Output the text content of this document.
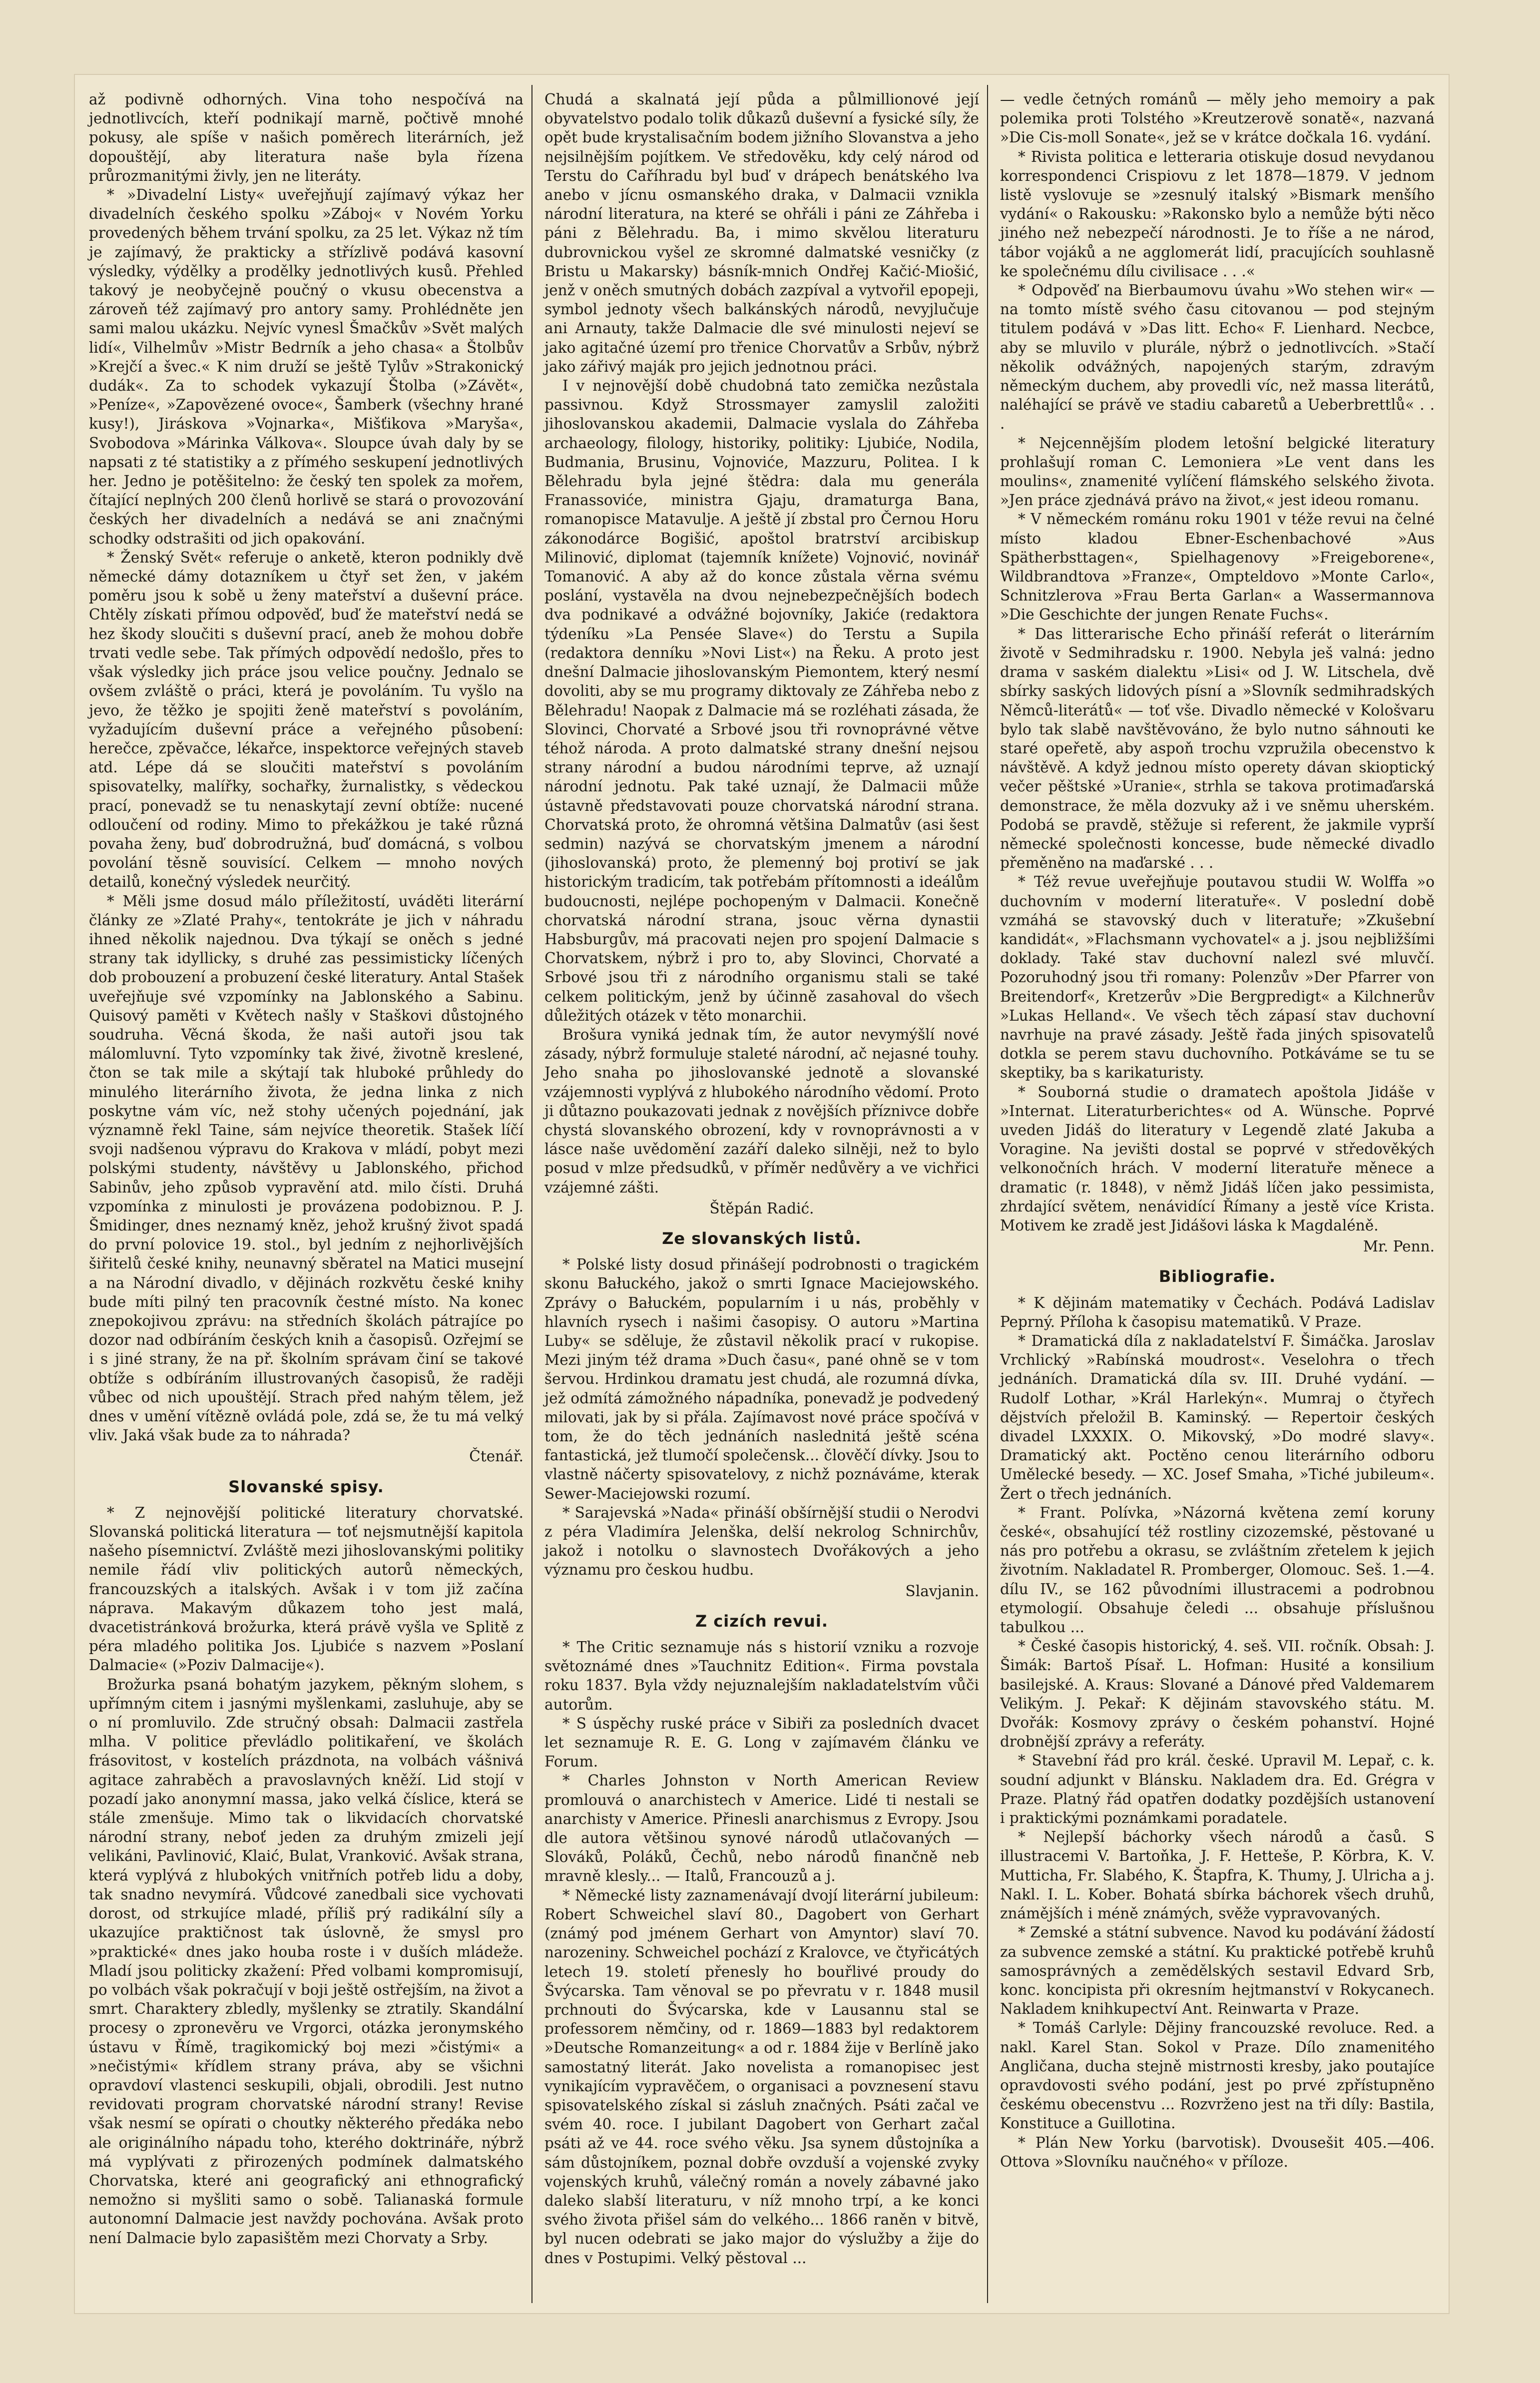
až podivně odhorných. Vina toho nespočívá na jednotlivcích, kteří podnikají marně, počtivě mnohé pokusy, ale spíše v našich poměrech literárních, jež dopouštějí, aby literatura naše byla řízena průrozmanitými živly, jen ne literáty.

* »Divadelní Listy« uveřejňují zajímavý výkaz her divadelních českého spolku »Záboj« v Novém Yorku provedených během trvání spolku, za 25 let. Výkaz nž tím je zajímavý, že prakticky a střízlivě podává kasovní výsledky, výdělky a prodělky jednotlivých kusů. Přehled takový je neobyčejně poučný o vkusu obecenstva a zároveň též zajímavý pro antory samy. Prohlédněte jen sami malou ukázku. Nejvíc vynesl Šmačkův »Svět malých lidí«, Vilhelmův »Mistr Bedrník a jeho chasa« a Štolbův »Krejčí a švec.« K nim druží se ještě Tylův »Strakonický dudák«. Za to schodek vykazují Štolba (»Závět«, »Peníze«, »Zapovězené ovoce«, Šamberk (všechny hrané kusy!), Jiráskova »Vojnarka«, Mišťikova »Maryša«, Svobodova »Márinka Válkova«. Sloupce úvah daly by se napsati z té statistiky a z přímého seskupení jednotlivých her. Jedno je potěšitelno: že český ten spolek za mořem, čítající neplných 200 členů horlivě se stará o provozování českých her divadelních a nedává se ani značnými schodky odstrašiti od jich opakování.

* Ženský Svět« referuje o anketě, kteron podnikly dvě německé dámy dotazníkem u čtyř set žen, v jakém poměru jsou k sobě u ženy mateřství a duševní práce. Chtěly získati přímou odpověď, buď že mateřství nedá se hez škody sloučiti s duševní prací, aneb že mohou dobře trvati vedle sebe. Tak přímých odpovědí nedošlo, přes to však výsledky jich práce jsou velice poučny. Jednalo se ovšem zvláště o práci, která je povoláním. Tu vyšlo na jevo, že těžko je spojiti ženě mateřství s povoláním, vyžadujícím duševní práce a veřejného působení: herečce, zpěvačce, lékařce, inspektorce veřejných staveb atd. Lépe dá se sloučiti mateřství s povoláním spisovatelky, malířky, sochařky, žurnalistky, s vědeckou prací, ponevadž se tu nenaskytají zevní obtíže: nucené odloučení od rodiny. Mimo to překážkou je také různá povaha ženy, buď dobrodružná, buď domácná, s volbou povolání těsně souvisící. Celkem — mnoho nových detailů, konečný výsledek neurčitý.

* Měli jsme dosud málo příležitostí, uváděti literární články ze »Zlaté Prahy«, tentokráte je jich v náhradu ihned několik najednou. Dva týkají se oněch s jedné strany tak idyllicky, s druhé zas pessimisticky líčených dob probouzení a probuzení české literatury. Antal Stašek uveřejňuje své vzpomínky na Jablonského a Sabinu. Quisový paměti v Květech našly v Staškovi důstojného soudruha. Věcná škoda, že naši autoři jsou tak málomluvní. Tyto vzpomínky tak živé, životně kreslené, čton se tak mile a skýtají tak hluboké průhledy do minulého literárního života, že jedna linka z nich poskytne vám víc, než stohy učených pojednání, jak významně řekl Taine, sám nejvíce theoretik. Stašek líčí svoji nadšenou výpravu do Krakova v mládí, pobyt mezi polskými studenty, návštěvy u Jablonského, přichod Sabinův, jeho způsob vypravění atd. milo čísti. Druhá vzpomínka z minulosti je provázena podobiznou. P. J. Šmidinger, dnes neznamý kněz, jehož krušný život spadá do první polovice 19. stol., byl jedním z nejhorlivějších šiřitelů české knihy, neunavný sběratel na Matici musejní a na Národní divadlo, v dějinách rozkvětu české knihy bude míti pilný ten pracovník čestné místo. Na konec znepokojivou zprávu: na středních školách pátrajíce po dozor nad odbíráním českých knih a časopisů. Ozřejmí se i s jiné strany, že na př. školním správam činí se takové obtíže s odbíráním illustrovaných časopisů, že raději vůbec od nich upouštějí. Strach před nahým tělem, jež dnes v umění vítězně ovládá pole, zdá se, že tu má velký vliv. Jaká však bude za to náhrada?

Čtenář.
Slovanské spisy.

* Z nejnovější politické literatury chorvatské. Slovanská politická literatura — toť nejsmutnější kapitola našeho písemnictví. Zvláště mezi jihoslovanskými politiky nemile řádí vliv politických autorů německých, francouzských a italských. Avšak i v tom již začína náprava. Makavým důkazem toho jest malá, dvacetistránková brožurka, která právě vyšla ve Splitě z péra mladého politika Jos. Ljubiće s nazvem »Poslaní Dalmacie« (»Poziv Dalmacije«).

Brožurka psaná bohatým jazykem, pěkným slohem, s upřímným citem i jasnými myšlenkami, zasluhuje, aby se o ní promluvilo. Zde stručný obsah: Dalmacii zastřela mlha. V politice převládlo politikaření, ve školách frásovitost, v kostelích prázdnota, na volbách vášnivá agitace zahraběch a pravoslavných kněží. Lid stojí v pozadí jako anonymní massa, jako velká číslice, která se stále zmenšuje. Mimo tak o likvidacích chorvatské národní strany, neboť jeden za druhým zmizeli její velikáni, Pavlinović, Klaić, Bulat, Vranković. Avšak strana, která vyplývá z hlubokých vnitřních potřeb lidu a doby, tak snadno nevymírá. Vůdcové zanedbali sice vychovati dorost, od strkujíce mladé, příliš prý radikální síly a ukazujíce praktičnost tak úslovně, že smysl pro »praktické« dnes jako houba roste i v duších mládeže. Mladí jsou politicky zkažení: Před volbami kompromisují, po volbách však pokračují v boji ještě ostřejším, na život a smrt. Charaktery zbledly, myšlenky se ztratily. Skandální procesy o zpronevěru ve Vrgorci, otázka jeronymského ústavu v Římě, tragikomický boj mezi »čistými« a »nečistými« křídlem strany práva, aby se všichni opravdoví vlastenci seskupili, objali, obrodili. Jest nutno revidovati program chorvatské národní strany! Revise však nesmí se opírati o choutky některého předáka nebo ale originálního nápadu toho, kterého doktrináře, nýbrž má vyplývati z přirozených podmínek dalmatského Chorvatska, které ani geografický ani ethnografický nemožno si myšliti samo o sobě. Talianaská formule autonomní Dalmacie jest navždy pochována. Avšak proto není Dalmacie bylo zapasištěm mezi Chorvaty a Srby.

Chudá a skalnatá její půda a půlmillionové její obyvatelstvo podalo tolik důkazů duševní a fysické síly, že opět bude krystalisačním bodem jižního Slovanstva a jeho nejsilnějším pojítkem. Ve středověku, kdy celý národ od Terstu do Caříhradu byl buď v drápech benátského lva anebo v jícnu osmanského draka, v Dalmacii vznikla národní literatura, na které se ohřáli i páni ze Záhřeba i páni z Bělehradu. Ba, i mimo skvělou literaturu dubrovnickou vyšel ze skromné dalmatské vesničky (z Bristu u Makarsky) básník-mnich Ondřej Kačić-Miošić, jenž v oněch smutných dobách zazpíval a vytvořil epopeji, symbol jednoty všech balkánských národů, nevyjlučuje ani Arnauty, takže Dalmacie dle své minulosti nejeví se jako agitačné území pro třenice Chorvatův a Srbův, nýbrž jako zářivý maják pro jejich jednotnou práci.

I v nejnovější době chudobná tato zemička nezůstala passivnou. Když Strossmayer zamyslil založiti jihoslovanskou akademii, Dalmacie vyslala do Záhřeba archaeology, filology, historiky, politiky: Ljubiće, Nodila, Budmania, Brusinu, Vojnoviće, Mazzuru, Politea. I k Bělehradu byla jejné štědra: dala mu generála Franassoviće, ministra Gjaju, dramaturga Bana, romanopisce Matavulje. A ještě jí zbstal pro Černou Horu zákonodárce Bogišić, apoštol bratrství arcibiskup Milinović, diplomat (tajemník knížete) Vojnović, novinář Tomanović. A aby až do konce zůstala věrna svému poslání, vystavěla na dvou nejnebezpečnějších bodech dva podnikavé a odvážné bojovníky, Jakiće (redaktora týdeníku »La Pensée Slave«) do Terstu a Supila (redaktora denníku »Novi List«) na Řeku. A proto jest dnešní Dalmacie jihoslovanským Piemontem, který nesmí dovoliti, aby se mu programy diktovaly ze Záhřeba nebo z Bělehradu! Naopak z Dalmacie má se rozléhati zásada, že Slovinci, Chorvaté a Srbové jsou tři rovnoprávné větve téhož národa. A proto dalmatské strany dnešní nejsou strany národní a budou národními teprve, až uznají národní jednotu. Pak také uznají, že Dalmacii může ústavně představovati pouze chorvatská národní strana. Chorvatská proto, že ohromná většina Dalmatův (asi šest sedmin) nazývá se chorvatským jmenem a národní (jihoslovanská) proto, že plemenný boj protiví se jak historickým tradicím, tak potřebám přítomnosti a ideálům budoucnosti, nejlépe pochopeným v Dalmacii. Konečně chorvatská národní strana, jsouc věrna dynastii Habsburgův, má pracovati nejen pro spojení Dalmacie s Chorvatskem, nýbrž i pro to, aby Slovinci, Chorvaté a Srbové jsou tři z národního organismu stali se také celkem politickým, jenž by účinně zasahoval do všech důležitých otázek v těto monarchii.

Brošura vyniká jednak tím, že autor nevymýšlí nové zásady, nýbrž formuluje staleté národní, ač nejasné touhy. Jeho snaha po jihoslovanské jednotě a slovanské vzájemnosti vyplývá z hlubokého národního vědomí. Proto ji důtazno poukazovati jednak z novějších příznivce dobře chystá slovanského obrození, kdy v rovnoprávnosti a v lásce naše uvědomění zazáří daleko silněji, než to bylo posud v mlze předsudků, v příměr nedůvěry a ve vichřici vzájemné zášti.

Štěpán Radić.
Ze slovanských listů.

* Polské listy dosud přinášejí podrobnosti o tragickém skonu Bałuckého, jakož o smrti Ignace Maciejowského. Zprávy o Bałuckém, popularním i u nás, proběhly v hlavních rysech i našimi časopisy. O autoru »Martina Luby« se sděluje, že zůstavil několik prací v rukopise. Mezi jiným též drama »Duch času«, pané ohně se v tom šervou. Hrdinkou dramatu jest chudá, ale rozumná dívka, jež odmítá zámožného nápadníka, ponevadž je podvedený milovati, jak by si přála. Zajímavost nové práce spočívá v tom, že do těch jednáních naslednitá ještě scéna fantastická, jež tlumočí společensk... člověčí dívky. Jsou to vlastně náčerty spisovatelovy, z nichž poznáváme, kterak Sewer-Maciejowski rozumí.

* Sarajevská »Nada« přináší obšírnější studii o Nerodvi z péra Vladimíra Jelenška, delší nekrolog Schnirchův, jakož i notolku o slavnostech Dvořákových a jeho významu pro českou hudbu.

Slavjanin.
Z cizích revui.

* The Critic seznamuje nás s historií vzniku a rozvoje světoznámé dnes »Tauchnitz Edition«. Firma povstala roku 1837. Byla vždy nejuznalejším nakladatelstvím vůči autorům.

* S úspěchy ruské práce v Sibiři za posledních dvacet let seznamuje R. E. G. Long v zajímavém článku ve Forum.

* Charles Johnston v North American Review promlouvá o anarchistech v Americe. Lidé ti nestali se anarchisty v Americe. Přinesli anarchismus z Evropy. Jsou dle autora většinou synové národů utlačovaných — Slováků, Poláků, Čechů, nebo národů finančně neb mravně klesly... — Italů, Francouzů a j.

* Německé listy zaznamenávají dvojí literární jubileum: Robert Schweichel slaví 80., Dagobert von Gerhart (známý pod jménem Gerhart von Amyntor) slaví 70. narozeniny. Schweichel pochází z Kralovce, ve čtyřicátých letech 19. století přenesly ho bouřlivé proudy do Švýcarska. Tam věnoval se po převratu v r. 1848 musil prchnouti do Švýcarska, kde v Lausannu stal se professorem němčiny, od r. 1869—1883 byl redaktorem »Deutsche Romanzeitung« a od r. 1884 žije v Berlíně jako samostatný literát. Jako novelista a romanopisec jest vynikajícím vypravěčem, o organisaci a povznesení stavu spisovatelského získal si zásluh značných. Psáti začal ve svém 40. roce. I jubilant Dagobert von Gerhart začal psáti až ve 44. roce svého věku. Jsa synem důstojníka a sám důstojníkem, poznal dobře ovzduší a vojenské zvyky vojenských kruhů, válečný román a novely zábavné jako daleko slabší literaturu, v níž mnoho trpí, a ke konci svého života přišel sám do velkého... 1866 raněn v bitvě, byl nucen odebrati se jako major do výslužby a žije do dnes v Postupimi. Velký pěstoval ...

— vedle četných románů — měly jeho memoiry a pak polemika proti Tolstého »Kreutzerově sonatě«, nazvaná »Die Cis-moll Sonate«, jež se v krátce dočkala 16. vydání.

* Rivista politica e letteraria otiskuje dosud nevydanou korrespondenci Crispiovu z let 1878—1879. V jednom listě vyslovuje se »zesnulý italský »Bismark menšího vydání« o Rakousku: »Rakonsko bylo a nemůže býti něco jiného než nebezpečí národnosti. Je to říše a ne národ, tábor vojáků a ne agglomerát lidí, pracujících souhlasně ke společnému dílu civilisace . . .«

* Odpověď na Bierbaumovu úvahu »Wo stehen wir« — na tomto místě svého času citovanou — pod stejným titulem podává v »Das litt. Echo« F. Lienhard. Necbce, aby se mluvilo v plurále, nýbrž o jednotlivcích. »Stačí několik odvážných, napojených starým, zdravým německým duchem, aby provedli víc, než massa literátů, naléhající se právě ve stadiu cabaretů a Ueberbrettlů« . . .

* Nejcennějším plodem letošní belgické literatury prohlašují roman C. Lemoniera »Le vent dans les moulins«, znamenité vylíčení flámského selského života. »Jen práce zjednává právo na život,« jest ideou romanu.

* V německém románu roku 1901 v téže revui na čelné místo kladou Ebner-Eschenbachové »Aus Spätherbsttagen«, Spielhagenovy »Freigeborene«, Wildbrandtova »Franze«, Ompteldovo »Monte Carlo«, Schnitzlerova »Frau Berta Garlan« a Wassermannova »Die Geschichte der jungen Renate Fuchs«.

* Das litterarische Echo přináší referát o literárním životě v Sedmihradsku r. 1900. Nebyla ješ valná: jedno drama v saském dialektu »Lisi« od J. W. Litschela, dvě sbírky saských lidových písní a »Slovník sedmihradských Němců-literátů« — toť vše. Divadlo německé v Kološvaru bylo tak slabě navštěvováno, že bylo nutno sáhnouti ke staré opeřetě, aby aspoň trochu vzpružila obecenstvo k návštěvě. A když jednou místo operety dávan skioptický večer pěštské »Uranie«, strhla se takova protimaďarská demonstrace, že měla dozvuky až i ve sněmu uherském. Podobá se pravdě, stěžuje si referent, že jakmile vyprší německé společnosti koncesse, bude německé divadlo přeměněno na maďarské . . .

* Též revue uveřejňuje poutavou studii W. Wolffa »o duchovním v moderní literatuře«. V poslední době vzmáhá se stavovský duch v literatuře; »Zkušební kandidát«, »Flachsmann vychovatel« a j. jsou nejbližšími doklady. Také stav duchovní nalezl své mluvčí. Pozoruhodný jsou tři romany: Polenzův »Der Pfarrer von Breitendorf«, Kretzerův »Die Bergpredigt« a Kilchnerův »Lukas Helland«. Ve všech těch zápasí stav duchovní navrhuje na pravé zásady. Ještě řada jiných spisovatelů dotkla se perem stavu duchovního. Potkáváme se tu se skeptiky, ba s karikaturisty.

* Souborná studie o dramatech apoštola Jidáše v »Internat. Literaturberichtes« od A. Wünsche. Poprvé uveden Jidáš do literatury v Legendě zlaté Jakuba a Voragine. Na jevišti dostal se poprvé v středověkých velkonočních hrách. V moderní literatuře měnece a dramatic (r. 1848), v němž Jidáš líčen jako pessimista, zhrdající světem, nenávidící Římany a jestě více Krista. Motivem ke zradě jest Jidášovi láska k Magdaléně.

Mr. Penn.
Bibliografie.

* K dějinám matematiky v Čechách. Podává Ladislav Peprný. Příloha k časopisu matematiků. V Praze.

* Dramatická díla z nakladatelství F. Šimáčka. Jaroslav Vrchlický »Rabínská moudrost«. Veselohra o třech jednáních. Dramatická díla sv. III. Druhé vydání. — Rudolf Lothar, »Král Harlekýn«. Mumraj o čtyřech dějstvích přeložil B. Kaminský. — Repertoir českých divadel LXXXIX. O. Mikovský, »Do modré slavy«. Dramatický akt. Poctěno cenou literárního odboru Umělecké besedy. — XC. Josef Smaha, »Tiché jubileum«. Žert o třech jednáních.

* Frant. Polívka, »Názorná květena zemí koruny české«, obsahující též rostliny cizozemské, pěstované u nás pro potřebu a okrasu, se zvláštním zřetelem k jejich životním. Nakladatel R. Promberger, Olomouc. Seš. 1.—4. dílu IV., se 162 původními illustracemi a podrobnou etymologií. Obsahuje čeledi ... obsahuje příslušnou tabulkou ...

* České časopis historický, 4. seš. VII. ročník. Obsah: J. Šimák: Bartoš Písař. L. Hofman: Husité a konsilium basilejské. A. Kraus: Slované a Dánové před Valdemarem Velikým. J. Pekař: K dějinám stavovského státu. M. Dvořák: Kosmovy zprávy o českém pohanství. Hojné drobnější zprávy a referáty.

* Stavební řád pro král. české. Upravil M. Lepař, c. k. soudní adjunkt v Blánsku. Nakladem dra. Ed. Grégra v Praze. Platný řád opatřen dodatky pozdějších ustanovení i praktickými poznámkami poradatele.

* Nejlepší báchorky všech národů a časů. S illustracemi V. Bartoňka, J. F. Hetteše, P. Körbra, K. V. Mutticha, Fr. Slabého, K. Štapfra, K. Thumy, J. Ulricha a j. Nakl. I. L. Kober. Bohatá sbírka báchorek všech druhů, známějších i méně známých, svěže vypravovaných.

* Zemské a státní subvence. Navod ku podávání žádostí za subvence zemské a státní. Ku praktické potřebě kruhů samosprávných a zemědělských sestavil Edvard Srb, konc. koncipista při okresním hejtmanství v Rokycanech. Nakladem knihkupectví Ant. Reinwarta v Praze.

* Tomáš Carlyle: Dějiny francouzské revoluce. Red. a nakl. Karel Stan. Sokol v Praze. Dílo znamenitého Angličana, ducha stejně mistrnosti kresby, jako poutajíce opravdovosti svého podání, jest po prvé zpřístupněno českému obecenstvu ... Rozvrženo jest na tři díly: Bastila, Konstituce a Guillotina.

* Plán New Yorku (barvotisk). Dvousešit 405.—406. Ottova »Slovníku naučného« v příloze.
